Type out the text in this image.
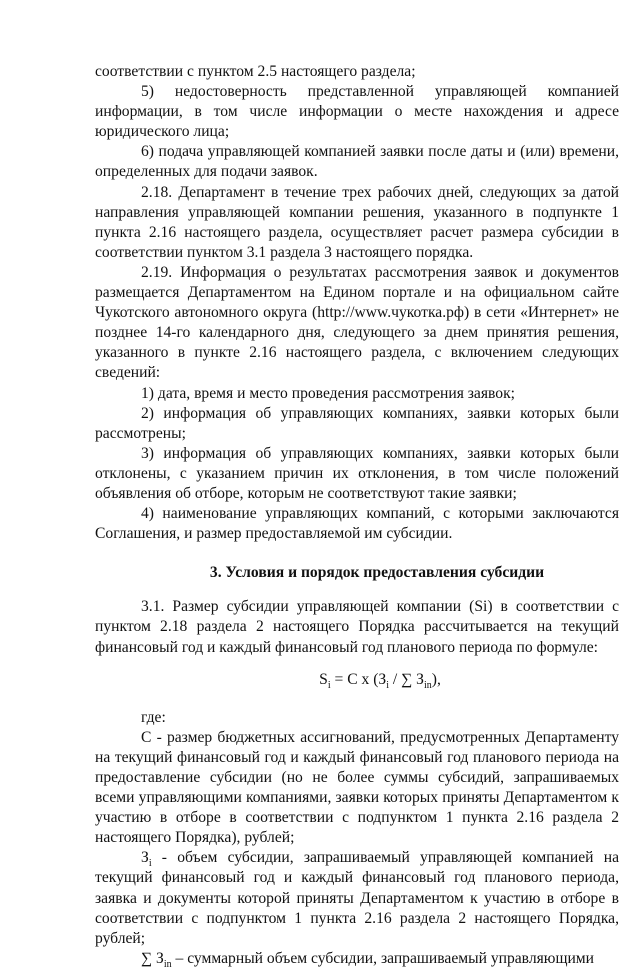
соответствии с пунктом 2.5 настоящего раздела;

5) недостоверность представленной управляющей компанией информации, в том числе информации о месте нахождения и адресе юридического лица;

6) подача управляющей компанией заявки после даты и (или) времени, определенных для подачи заявок.

2.18. Департамент в течение трех рабочих дней, следующих за датой направления управляющей компании решения, указанного в подпункте 1 пункта 2.16 настоящего раздела, осуществляет расчет размера субсидии в соответствии пунктом 3.1 раздела 3 настоящего порядка.

2.19. Информация о результатах рассмотрения заявок и документов размещается Департаментом на Едином портале и на официальном сайте Чукотского автономного округа (http://www.чукотка.рф) в сети «Интернет» не позднее 14-го календарного дня, следующего за днем принятия решения, указанного в пункте 2.16 настоящего раздела, с включением следующих сведений:

1) дата, время и место проведения рассмотрения заявок;

2) информация об управляющих компаниях, заявки которых были рассмотрены;

3) информация об управляющих компаниях, заявки которых были отклонены, с указанием причин их отклонения, в том числе положений объявления об отборе, которым не соответствуют такие заявки;

4) наименование управляющих компаний, с которыми заключаются Соглашения, и размер предоставляемой им субсидии.

3. Условия и порядок предоставления субсидии

3.1. Размер субсидии управляющей компании (Si) в соответствии с пунктом 2.18 раздела 2 настоящего Порядка рассчитывается на текущий финансовый год и каждый финансовый год планового периода по формуле:

$S_i = С$ х ($З_i$ / ∑ $З_{in}$),

где:

С - размер бюджетных ассигнований, предусмотренных Департаменту на текущий финансовый год и каждый финансовый год планового периода на предоставление субсидии (но не более суммы субсидий, запрашиваемых всеми управляющими компаниями, заявки которых приняты Департаментом к участию в отборе в соответствии с подпунктом 1 пункта 2.16 раздела 2 настоящего Порядка), рублей;

$З_i$ - объем субсидии, запрашиваемый управляющей компанией на текущий финансовый год и каждый финансовый год планового периода, заявка и документы которой приняты Департаментом к участию в отборе в соответствии с подпунктом 1 пункта 2.16 раздела 2 настоящего Порядка, рублей;

∑ $З_{in}$ – суммарный объем субсидии, запрашиваемый управляющими
